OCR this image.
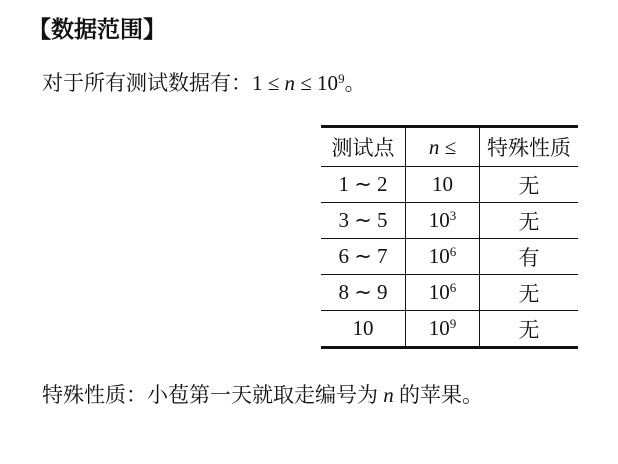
【数据范围】
对于所有测试数据有：$1 \le n \le 10^9$。
测试点	n ≤	特殊性质
1 ∼ 2	10	无
3 ∼ 5	$10^3$	无
6 ∼ 7	$10^6$	有
8 ∼ 9	$10^6$	无
10	$10^9$	无
特殊性质：小苞第一天就取走编号为 n 的苹果。
